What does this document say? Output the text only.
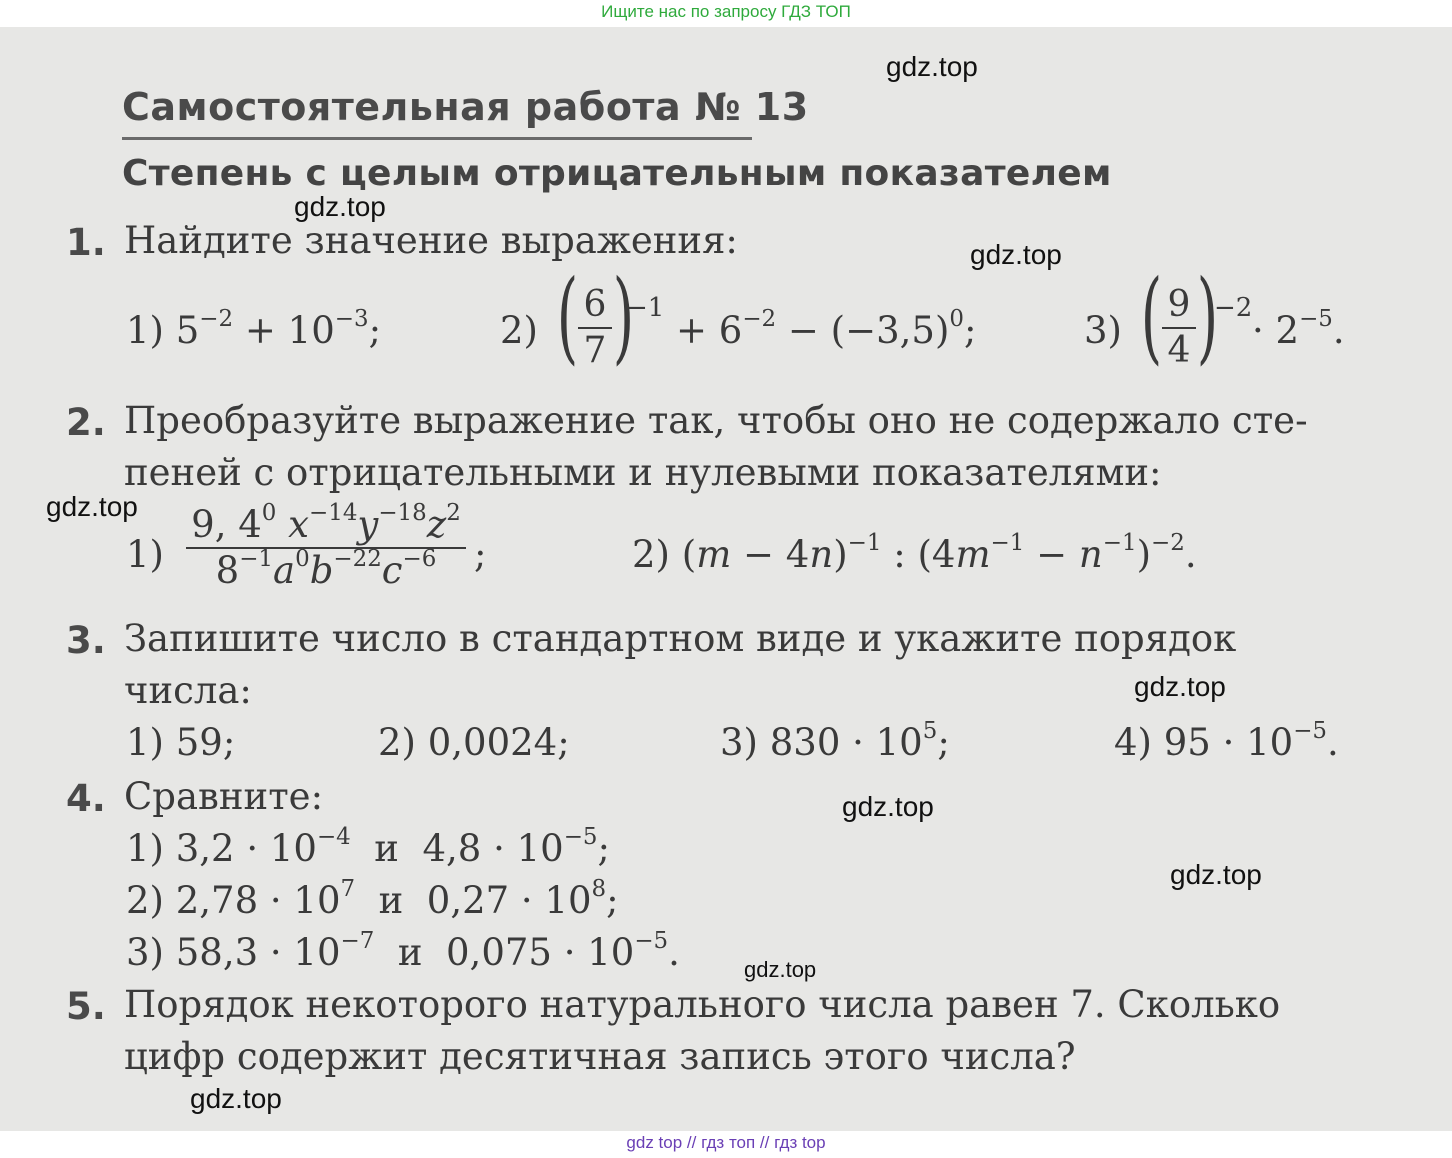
Ищите нас по запросу ГДЗ ТОП
Самостоятельная работа № 13
Степень с целым отрицательным показателем
1. Найдите значение выражения:
1) $5^{-2} + 10^{-3}$;	2) ( 6
7 )
−1
+ $6^{-2} - (-3,5)^0$;	3) ( 9
4 )
−2
· $2^{-5}$.
2. Преобразуйте выражение так, чтобы оно не содержало сте-
пеней с отрицательными и нулевыми показателями:
1)
9, $4^0$ $x^{-14}y^{-18}z^2$
$8^{-1}a^0b^{-22}c^{-6}$	;	2) $(m - 4n)^{-1}$ : $(4m^{-1} - n^{-1})^{-2}$.
3. Запишите число в стандартном виде и укажите порядок
числа:
1) 59;	2) 0,0024;	3) $830 \cdot 10^5$;	4) $95 \cdot 10^{-5}$.
4. Сравните:
1) $3,2 \cdot 10^{-4}$  и  $4,8 \cdot 10^{-5}$;
2) $2,78 \cdot 10^7$  и  $0,27 \cdot 10^8$;
3) $58,3 \cdot 10^{-7}$  и  $0,075 \cdot 10^{-5}$.
5. Порядок некоторого натурального числа равен 7. Сколько
цифр содержит десятичная запись этого числа?
gdz.top
gdz.top
gdz.top
gdz.top
gdz.top
gdz.top
gdz.top
gdz.top
gdz.top
gdz top // гдз топ // гдз top
